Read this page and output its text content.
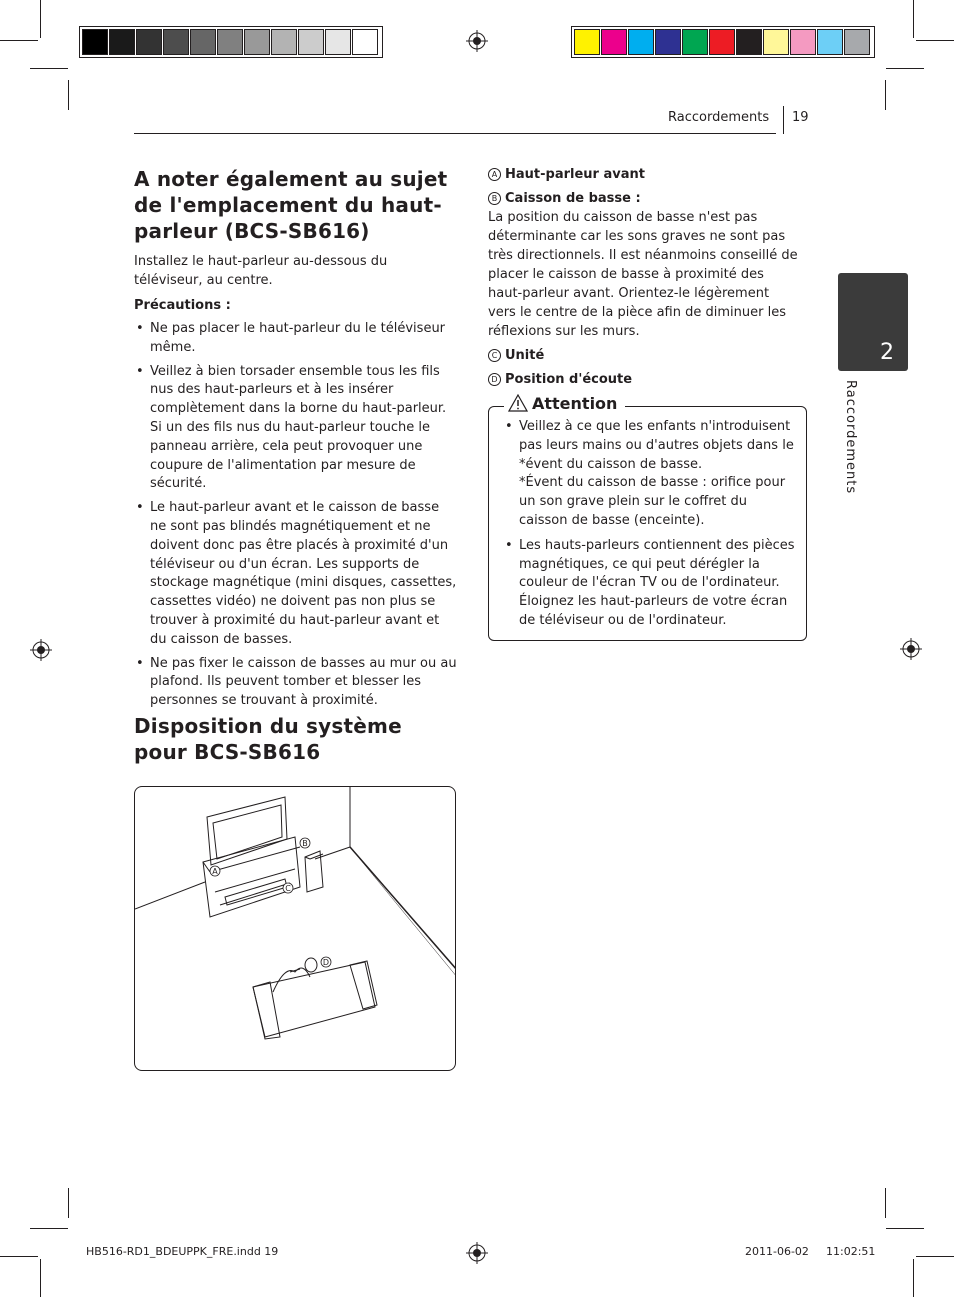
Raccordements 19
2
Raccordements
A noter également au sujet de l'emplacement du haut-parleur (BCS-SB616)

Installez le haut-parleur au-dessous du téléviseur, au centre.

Précautions :

• Ne pas placer le haut-parleur du le téléviseur même.
• Veillez à bien torsader ensemble tous les fils nus des haut-parleurs et à les insérer complètement dans la borne du haut-parleur. Si un des fils nus du haut-parleur touche le panneau arrière, cela peut provoquer une coupure de l'alimentation par mesure de sécurité.
• Le haut-parleur avant et le caisson de basse ne sont pas blindés magnétiquement et ne doivent donc pas être placés à proximité d'un téléviseur ou d'un écran. Les supports de stockage magnétique (mini disques, cassettes, cassettes vidéo) ne doivent pas non plus se trouver à proximité du haut-parleur avant et du caisson de basses.
• Ne pas fixer le caisson de basses au mur ou au plafond. Ils peuvent tomber et blesser les personnes se trouvant à proximité.
Disposition du système pour BCS-SB616
A
B
C
D

A Haut-parleur avant

B Caisson de basse :

La position du caisson de basse n'est pas déterminante car les sons graves ne sont pas très directionnels. Il est néanmoins conseillé de placer le caisson de basse à proximité des haut-parleur avant. Orientez-le légèrement vers le centre de la pièce afin de diminuer les réflexions sur les murs.

C Unité

D Position d'écoute

Attention
• Veillez à ce que les enfants n'introduisent pas leurs mains ou d'autres objets dans le *évent du caisson de basse.
*Évent du caisson de basse : orifice pour un son grave plein sur le coffret du caisson de basse (enceinte).
• Les hauts-parleurs contiennent des pièces magnétiques, ce qui peut dérégler la couleur de l'écran TV ou de l'ordinateur. Éloignez les haut-parleurs de votre écran de téléviseur ou de l'ordinateur.
HB516-RD1_BDEUPPK_FRE.indd 19	2011-06-02 11:02:51
